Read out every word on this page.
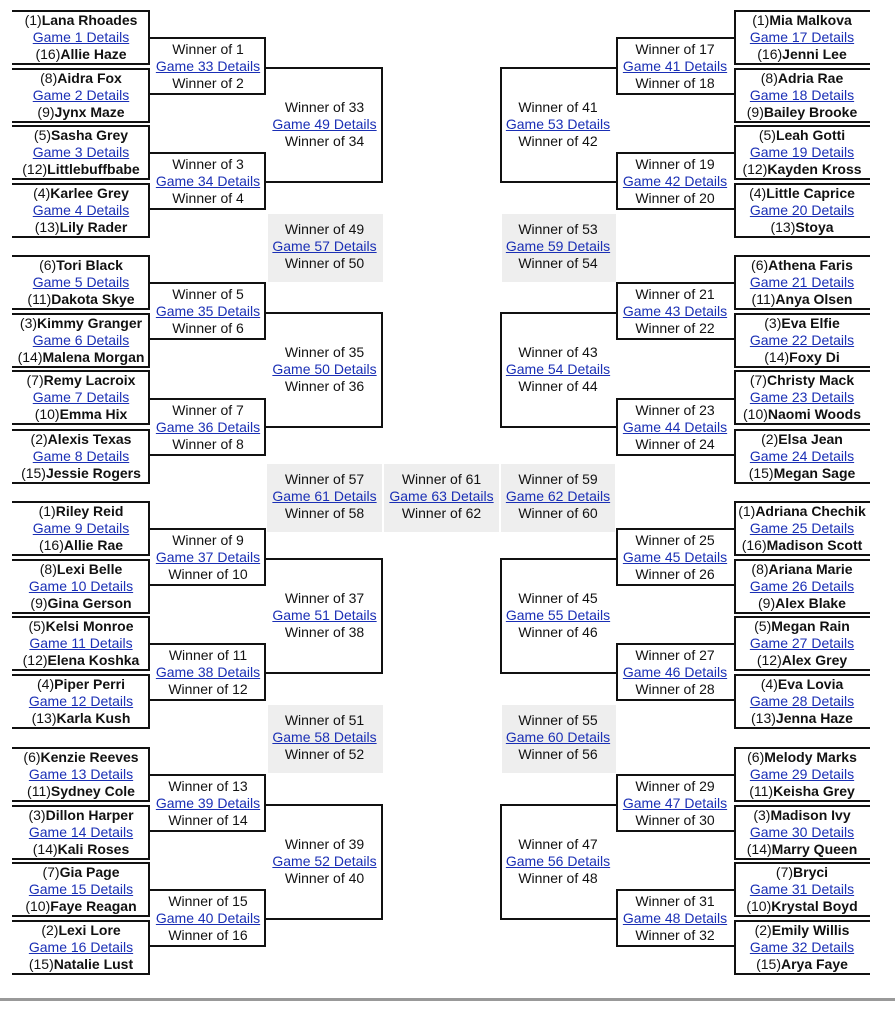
(1)Lana Rhoades
Game 1 Details
(16)Allie Haze
(8)Aidra Fox
Game 2 Details
(9)Jynx Maze
(5)Sasha Grey
Game 3 Details
(12)Littlebuffbabe
(4)Karlee Grey
Game 4 Details
(13)Lily Rader
(6)Tori Black
Game 5 Details
(11)Dakota Skye
(3)Kimmy Granger
Game 6 Details
(14)Malena Morgan
(7)Remy Lacroix
Game 7 Details
(10)Emma Hix
(2)Alexis Texas
Game 8 Details
(15)Jessie Rogers
(1)Riley Reid
Game 9 Details
(16)Allie Rae
(8)Lexi Belle
Game 10 Details
(9)Gina Gerson
(5)Kelsi Monroe
Game 11 Details
(12)Elena Koshka
(4)Piper Perri
Game 12 Details
(13)Karla Kush
(6)Kenzie Reeves
Game 13 Details
(11)Sydney Cole
(3)Dillon Harper
Game 14 Details
(14)Kali Roses
(7)Gia Page
Game 15 Details
(10)Faye Reagan
(2)Lexi Lore
Game 16 Details
(15)Natalie Lust
(1)Mia Malkova
Game 17 Details
(16)Jenni Lee
(8)Adria Rae
Game 18 Details
(9)Bailey Brooke
(5)Leah Gotti
Game 19 Details
(12)Kayden Kross
(4)Little Caprice
Game 20 Details
(13)Stoya
(6)Athena Faris
Game 21 Details
(11)Anya Olsen
(3)Eva Elfie
Game 22 Details
(14)Foxy Di
(7)Christy Mack
Game 23 Details
(10)Naomi Woods
(2)Elsa Jean
Game 24 Details
(15)Megan Sage
(1)Adriana Chechik
Game 25 Details
(16)Madison Scott
(8)Ariana Marie
Game 26 Details
(9)Alex Blake
(5)Megan Rain
Game 27 Details
(12)Alex Grey
(4)Eva Lovia
Game 28 Details
(13)Jenna Haze
(6)Melody Marks
Game 29 Details
(11)Keisha Grey
(3)Madison Ivy
Game 30 Details
(14)Marry Queen
(7)Bryci
Game 31 Details
(10)Krystal Boyd
(2)Emily Willis
Game 32 Details
(15)Arya Faye
Winner of 1
Game 33 Details
Winner of 2
Winner of 3
Game 34 Details
Winner of 4
Winner of 5
Game 35 Details
Winner of 6
Winner of 7
Game 36 Details
Winner of 8
Winner of 9
Game 37 Details
Winner of 10
Winner of 11
Game 38 Details
Winner of 12
Winner of 13
Game 39 Details
Winner of 14
Winner of 15
Game 40 Details
Winner of 16
Winner of 17
Game 41 Details
Winner of 18
Winner of 19
Game 42 Details
Winner of 20
Winner of 21
Game 43 Details
Winner of 22
Winner of 23
Game 44 Details
Winner of 24
Winner of 25
Game 45 Details
Winner of 26
Winner of 27
Game 46 Details
Winner of 28
Winner of 29
Game 47 Details
Winner of 30
Winner of 31
Game 48 Details
Winner of 32
Winner of 33
Game 49 Details
Winner of 34
Winner of 35
Game 50 Details
Winner of 36
Winner of 37
Game 51 Details
Winner of 38
Winner of 39
Game 52 Details
Winner of 40
Winner of 41
Game 53 Details
Winner of 42
Winner of 43
Game 54 Details
Winner of 44
Winner of 45
Game 55 Details
Winner of 46
Winner of 47
Game 56 Details
Winner of 48
Winner of 49
Game 57 Details
Winner of 50
Winner of 51
Game 58 Details
Winner of 52
Winner of 53
Game 59 Details
Winner of 54
Winner of 55
Game 60 Details
Winner of 56
Winner of 57
Game 61 Details
Winner of 58
Winner of 61
Game 63 Details
Winner of 62
Winner of 59
Game 62 Details
Winner of 60
